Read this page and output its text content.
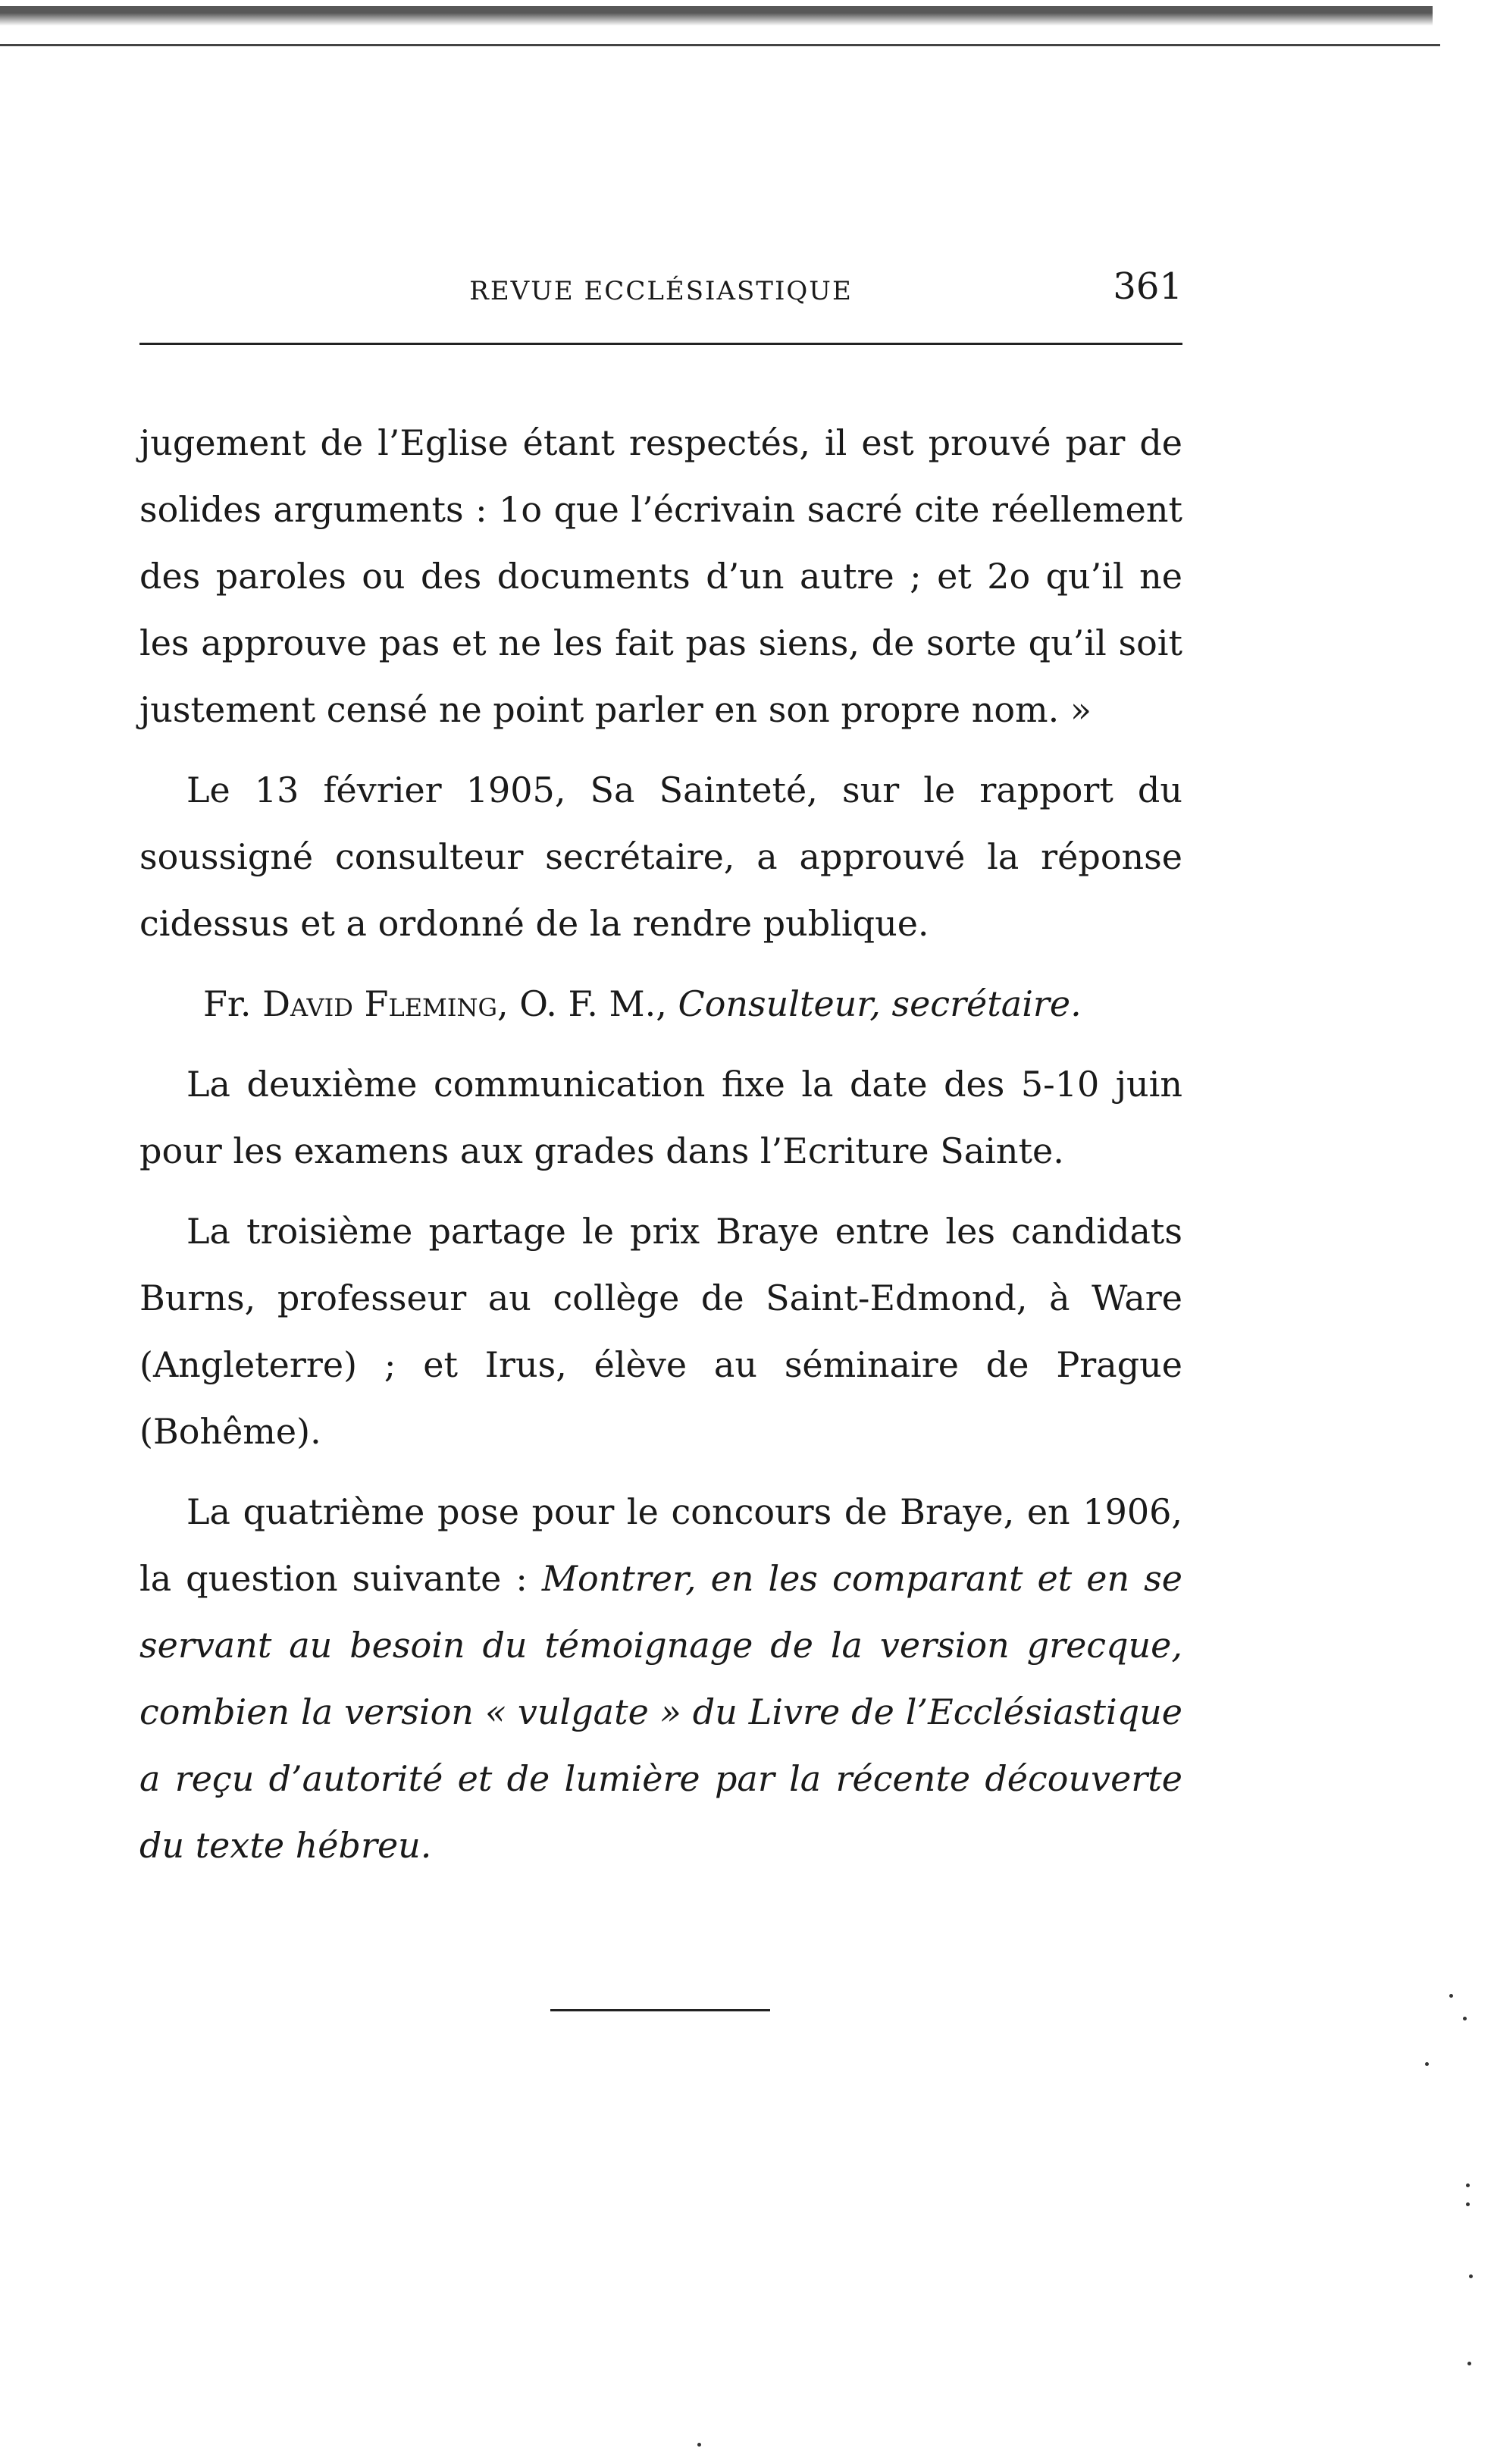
REVUE ECCLÉSIASTIQUE	361

jugement de l’Eglise étant respectés, il est prouvé par de solides arguments : 1o que l’écrivain sacré cite réellement des paroles ou des documents d’un autre ; et 2o qu’il ne les approuve pas et ne les fait pas siens, de sorte qu’il soit justement censé ne point parler en son propre nom. »

Le 13 février 1905, Sa Sainteté, sur le rapport du soussigné consulteur secrétaire, a approuvé la réponse cidessus et a ordonné de la rendre publique.

Fr. David Fleming, O. F. M., Consulteur, secrétaire.

La deuxième communication fixe la date des 5-10 juin pour les examens aux grades dans l’Ecriture Sainte.

La troisième partage le prix Braye entre les candidats Burns, professeur au collège de Saint-Edmond, à Ware (Angleterre) ; et Irus, élève au séminaire de Prague (Bohême).

La quatrième pose pour le concours de Braye, en 1906, la question suivante : Montrer, en les comparant et en se servant au besoin du témoignage de la version grecque, combien la version « vulgate » du Livre de l’Ecclésiastique a reçu d’autorité et de lumière par la récente découverte du texte hébreu.
